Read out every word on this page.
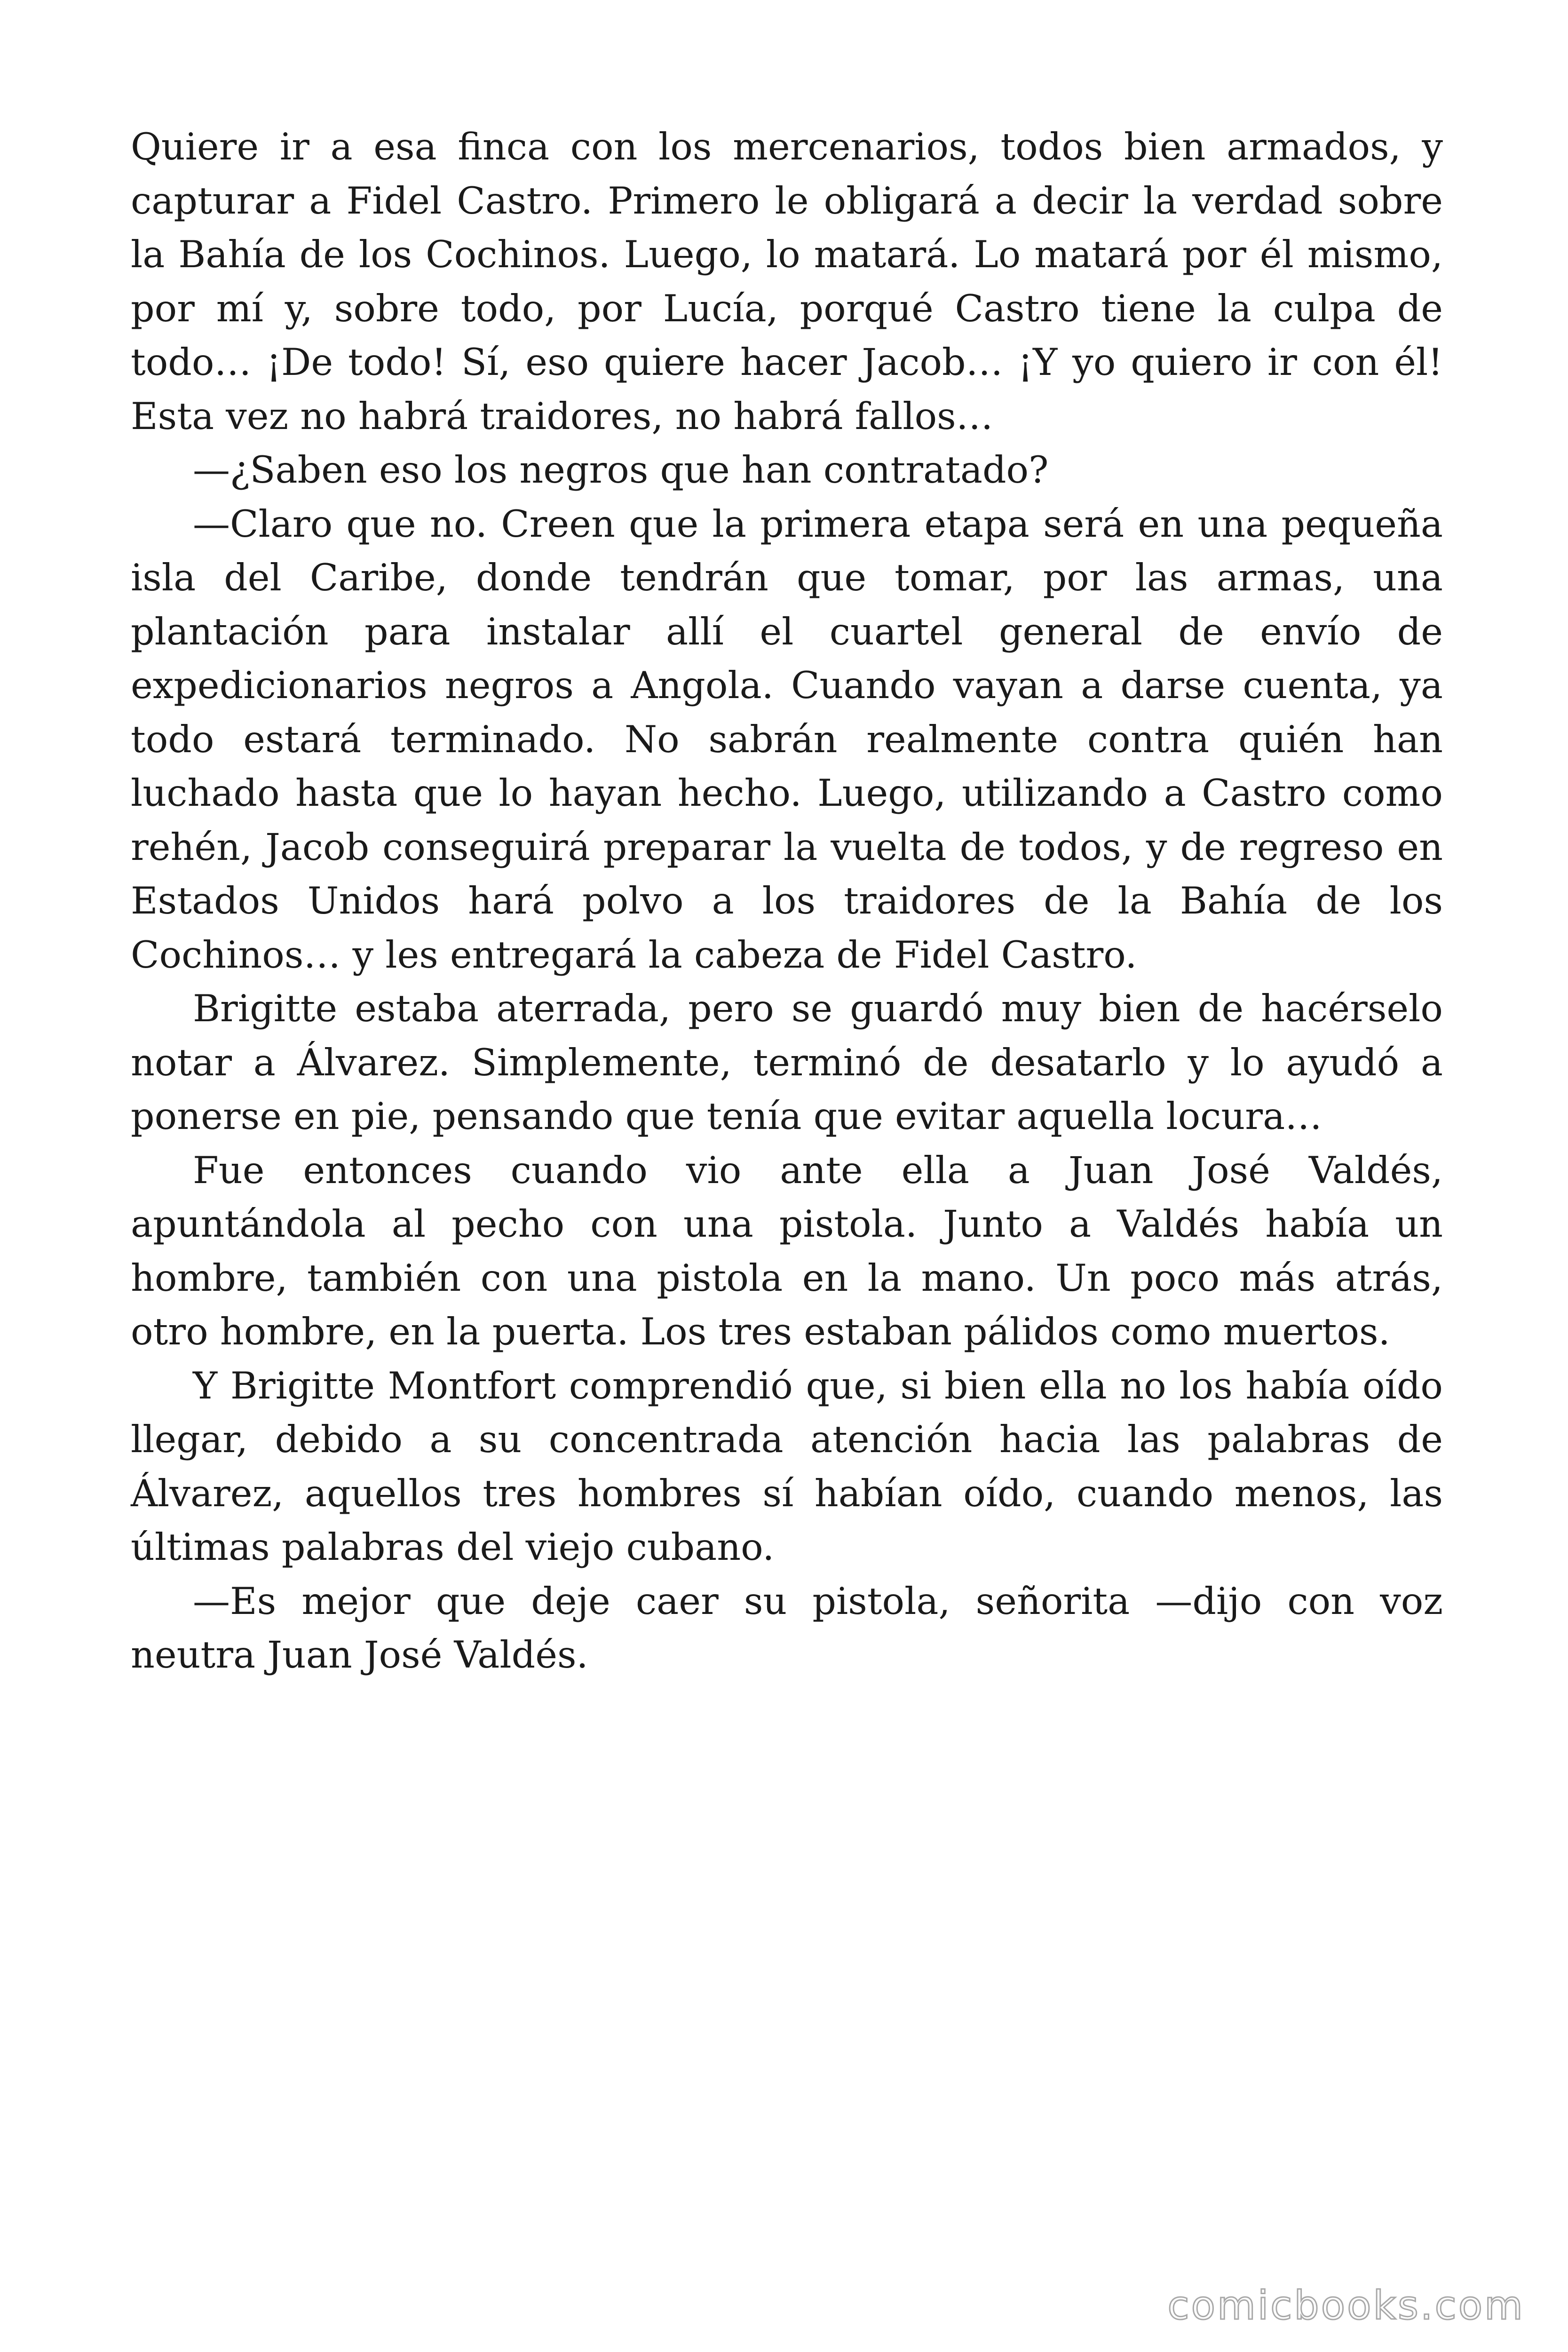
Quiere ir a esa finca con los mercenarios, todos bien armados, y capturar a Fidel Castro. Primero le obligará a decir la verdad sobre la Bahía de los Cochinos. Luego, lo matará. Lo matará por él mismo, por mí y, sobre todo, por Lucía, porqué Castro tiene la culpa de todo… ¡De todo! Sí, eso quiere hacer Jacob… ¡Y yo quiero ir con él! Esta vez no habrá traidores, no habrá fallos…

—¿Saben eso los negros que han contratado?

—Claro que no. Creen que la primera etapa será en una pequeña isla del Caribe, donde tendrán que tomar, por las armas, una plantación para instalar allí el cuartel general de envío de expedicionarios negros a Angola. Cuando vayan a darse cuenta, ya todo estará terminado. No sabrán realmente contra quién han luchado hasta que lo hayan hecho. Luego, utilizando a Castro como rehén, Jacob conseguirá preparar la vuelta de todos, y de regreso en Estados Unidos hará polvo a los traidores de la Bahía de los Cochinos… y les entregará la cabeza de Fidel Castro.

Brigitte estaba aterrada, pero se guardó muy bien de hacérselo notar a Álvarez. Simplemente, terminó de desatarlo y lo ayudó a ponerse en pie, pensando que tenía que evitar aquella locura…

Fue entonces cuando vio ante ella a Juan José Valdés, apuntándola al pecho con una pistola. Junto a Valdés había un hombre, también con una pistola en la mano. Un poco más atrás, otro hombre, en la puerta. Los tres estaban pálidos como muertos.

Y Brigitte Montfort comprendió que, si bien ella no los había oído llegar, debido a su concentrada atención hacia las palabras de Álvarez, aquellos tres hombres sí habían oído, cuando menos, las últimas palabras del viejo cubano.

—Es mejor que deje caer su pistola, señorita —dijo con voz neutra Juan José Valdés.

comicbooks.com
